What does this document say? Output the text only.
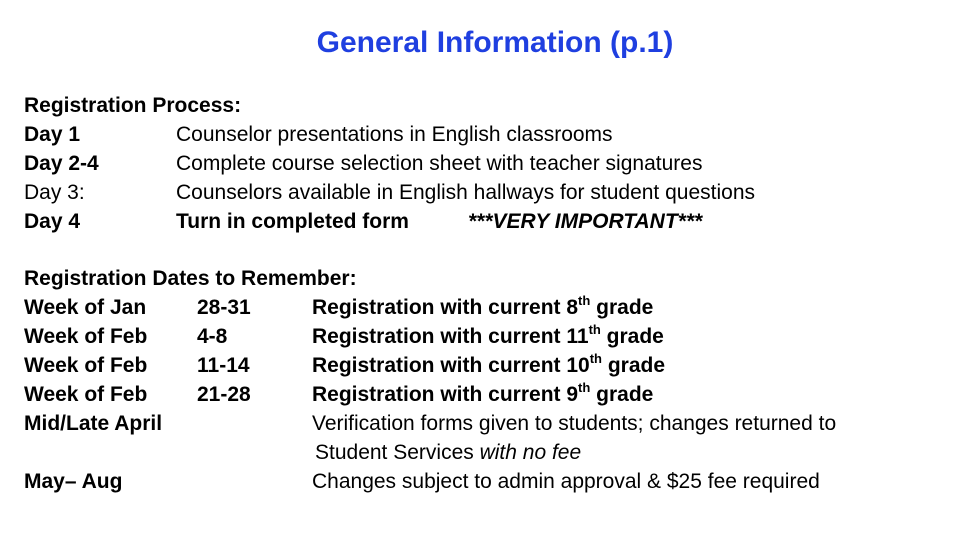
General Information (p.1)
Registration Process:
Day 1	Counselor presentations in English classrooms
Day 2-4	Complete course selection sheet with teacher signatures
Day 3:	Counselors available in English hallways for student questions
Day 4	Turn in completed form	***VERY IMPORTANT***
Registration Dates to Remember:
Week of Jan 28-31	Registration with current 8th grade
Week of Feb 4-8	Registration with current 11th grade
Week of Feb 11-14	Registration with current 10th grade
Week of Feb 21-28	Registration with current 9th grade
Mid/Late April	Verification forms given to students; changes returned to
Student Services with no fee
May– Aug	Changes subject to admin approval & $25 fee required
